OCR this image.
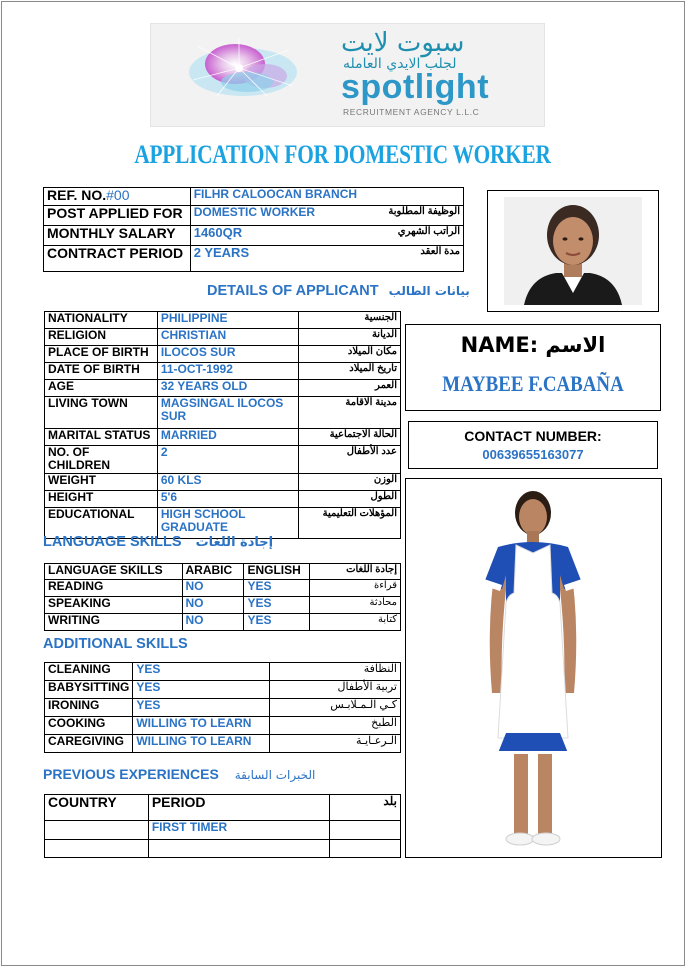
سبوت لايت
لجلب الايدي العامله
spotlight
RECRUITMENT AGENCY L.L.C
APPLICATION FOR DOMESTIC WORKER
REF. NO.#00	FILHR CALOOCAN BRANCH	
POST APPLIED FOR	DOMESTIC WORKER	الوظيفة المطلوبة
MONTHLY SALARY	1460QR	الراتب الشهري
CONTRACT PERIOD	2 YEARS	مدة العقد
DETAILS OF APPLICANT بيانات الطالب
NATIONALITY	PHILIPPINE	الجنسية
RELIGION	CHRISTIAN	الديانة
PLACE OF BIRTH	ILOCOS SUR	مكان الميلاد
DATE OF BIRTH	11-OCT-1992	تاريخ الميلاد
AGE	32 YEARS OLD	العمر
LIVING TOWN	MAGSINGAL ILOCOS SUR	مدينة الاقامة
MARITAL STATUS	MARRIED	الحالة الاجتماعية
NO. OF CHILDREN	2	عدد الأطفال
WEIGHT	60 KLS	الوزن
HEIGHT	5'6	الطول
EDUCATIONAL	HIGH SCHOOL GRADUATE	المؤهلات التعليمية
NAME: الاسم
MAYBEE F.CABAÑA
CONTACT NUMBER:
00639655163077
LANGUAGE SKILLS إجادة اللغات
LANGUAGE SKILLS	ARABIC	ENGLISH	إجادة اللغات
READING	NO	YES	قراءة
SPEAKING	NO	YES	محادثة
WRITING	NO	YES	كتابة
ADDITIONAL SKILLS
CLEANING	YES	النظافة
BABYSITTING	YES	تربية الأطفال
IRONING	YES	كـي الـمـلابـس
COOKING	WILLING TO LEARN	الطبخ
CAREGIVING	WILLING TO LEARN	الـرعـايـة
PREVIOUS EXPERIENCES الخبرات السابقة
COUNTRY	PERIOD	بلد
	FIRST TIMER	
